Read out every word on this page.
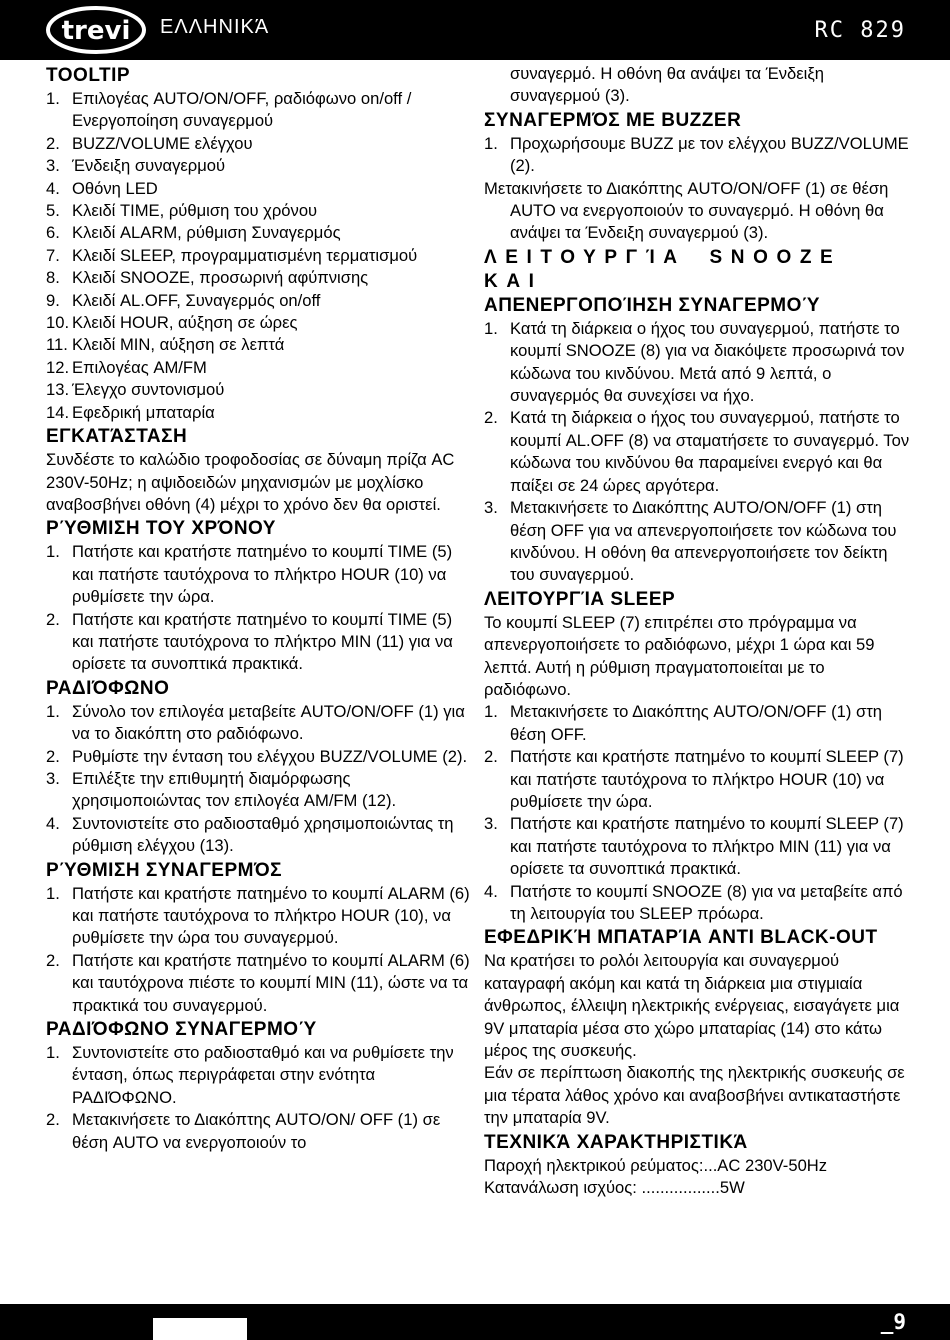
trevi ΕΛΛΗΝΙΚΆ	RC 829
TOOLTIP
1. Επιλογέας AUTO/ON/OFF, ραδιόφωνο on/off / Ενεργοποίηση συναγερμού
2. BUZZ/VOLUME ελέγχου
3. Ένδειξη συναγερμού
4. Οθόνη LED
5. Κλειδί TIME, ρύθμιση του χρόνου
6. Κλειδί ALARM, ρύθμιση Συναγερμός
7. Κλειδί SLEEP, προγραμματισμένη τερματισμού
8. Κλειδί SNOOZE, προσωρινή αφύπνισης
9. Κλειδί AL.OFF, Συναγερμός on/off
10. Κλειδί HOUR, αύξηση σε ώρες
11. Κλειδί MIN, αύξηση σε λεπτά
12. Επιλογέας AM/FM
13. Έλεγχο συντονισμού
14. Εφεδρική μπαταρία
ΕΓΚΑΤΆΣΤΑΣΗ

Συνδέστε το καλώδιο τροφοδοσίας σε δύναμη πρίζα AC 230V-50Hz; η αψιδοειδών μηχανισμών με μοχλίσκο αναβοσβήνει οθόνη (4) μέχρι το χρόνο δεν θα οριστεί.

ΡΎΘΜΙΣΗ ΤΟΥ ΧΡΌΝΟΥ
1. Πατήστε και κρατήστε πατημένο το κουμπί TIME (5) και πατήστε ταυτόχρονα το πλήκτρο HOUR (10) να ρυθμίσετε την ώρα.
2. Πατήστε και κρατήστε πατημένο το κουμπί TIME (5) και πατήστε ταυτόχρονα το πλήκτρο MIN (11) για να ορίσετε τα συνοπτικά πρακτικά.
ΡΑΔΙΌΦΩΝΟ
1. Σύνολο τον επιλογέα μεταβείτε AUTO/ON/OFF (1) για να το διακόπτη στο ραδιόφωνο.
2. Ρυθμίστε την ένταση του ελέγχου BUZZ/VOLUME (2).
3. Επιλέξτε την επιθυμητή διαμόρφωσης χρησιμοποιώντας τον επιλογέα AM/FM (12).
4. Συντονιστείτε στο ραδιοσταθμό χρησιμοποιώντας τη ρύθμιση ελέγχου (13).
ΡΎΘΜΙΣΗ ΣΥΝΑΓΕΡΜΌΣ
1. Πατήστε και κρατήστε πατημένο το κουμπί ALARM (6) και πατήστε ταυτόχρονα το πλήκτρο HOUR (10), να ρυθμίσετε την ώρα του συναγερμού.
2. Πατήστε και κρατήστε πατημένο το κουμπί ALARM (6) και ταυτόχρονα πιέστε το κουμπί MIN (11), ώστε να τα πρακτικά του συναγερμού.
ΡΑΔΙΌΦΩΝΟ ΣΥΝΑΓΕΡΜΟΎ
1. Συντονιστείτε στο ραδιοσταθμό και να ρυθμίσετε την ένταση, όπως περιγράφεται στην ενότητα ΡΑΔΙΌΦΩΝΟ.
2. Μετακινήσετε το Διακόπτης AUTO/ON/ OFF (1) σε θέση AUTO να ενεργοποιούν το

συναγερμό. Η οθόνη θα ανάψει τα Ένδειξη συναγερμού (3).

ΣΥΝΑΓΕΡΜΌΣ ΜΕ BUZZER
1. Προχωρήσουμε BUZZ με τον ελέγχου BUZZ/VOLUME (2).

Μετακινήσετε το Διακόπτης AUTO/ON/OFF (1) σε θέση AUTO να ενεργοποιούν το συναγερμό. Η οθόνη θα ανάψει τα Ένδειξη συναγερμού (3).

ΛΕΙΤΟΥΡΓΊΑ SNOOZE ΚΑΙ
ΑΠΕΝΕΡΓΟΠΟΊΗΣΗ ΣΥΝΑΓΕΡΜΟΎ
1. Κατά τη διάρκεια ο ήχος του συναγερμού, πατήστε το κουμπί SNOOZE (8) για να διακόψετε προσωρινά τον κώδωνα του κινδύνου. Μετά από 9 λεπτά, ο συναγερμός θα συνεχίσει να ήχο.
2. Κατά τη διάρκεια ο ήχος του συναγερμού, πατήστε το κουμπί AL.OFF (8) να σταματήσετε το συναγερμό. Τον κώδωνα του κινδύνου θα παραμείνει ενεργό και θα παίξει σε 24 ώρες αργότερα.
3. Μετακινήσετε το Διακόπτης AUTO/ON/OFF (1) στη θέση OFF για να απενεργοποιήσετε τον κώδωνα του κινδύνου. Η οθόνη θα απενεργοποιήσετε τον δείκτη του συναγερμού.
ΛΕΙΤΟΥΡΓΊΑ SLEEP

Το κουμπί SLEEP (7) επιτρέπει στο πρόγραμμα να απενεργοποιήσετε το ραδιόφωνο, μέχρι 1 ώρα και 59 λεπτά. Αυτή η ρύθμιση πραγματοποιείται με το ραδιόφωνο.

1. Μετακινήσετε το Διακόπτης AUTO/ON/OFF (1) στη θέση OFF.
2. Πατήστε και κρατήστε πατημένο το κουμπί SLEEP (7) και πατήστε ταυτόχρονα το πλήκτρο HOUR (10) να ρυθμίσετε την ώρα.
3. Πατήστε και κρατήστε πατημένο το κουμπί SLEEP (7) και πατήστε ταυτόχρονα το πλήκτρο MIN (11) για να ορίσετε τα συνοπτικά πρακτικά.
4. Πατήστε το κουμπί SNOOZE (8) για να μεταβείτε από τη λειτουργία του SLEEP πρόωρα.
ΕΦΕΔΡΙΚΉ ΜΠΑΤΑΡΊΑ ANTI BLACK-OUT

Να κρατήσει το ρολόι λειτουργία και συναγερμού καταγραφή ακόμη και κατά τη διάρκεια μια στιγμιαία άνθρωπος, έλλειψη ηλεκτρικής ενέργειας, εισαγάγετε μια 9V μπαταρία μέσα στο χώρο μπαταρίας (14) στο κάτω μέρος της συσκευής.

Εάν σε περίπτωση διακοπής της ηλεκτρικής συσκευής σε μια τέρατα λάθος χρόνο και αναβοσβήνει αντικαταστήστε την μπαταρία 9V.

ΤΕΧΝΙΚΆ ΧΑΡΑΚΤΗΡΙΣΤΙΚΆ

Παροχή ηλεκτρικού ρεύματος:...AC 230V-50Hz

Κατανάλωση ισχύος: .................5W

_9
